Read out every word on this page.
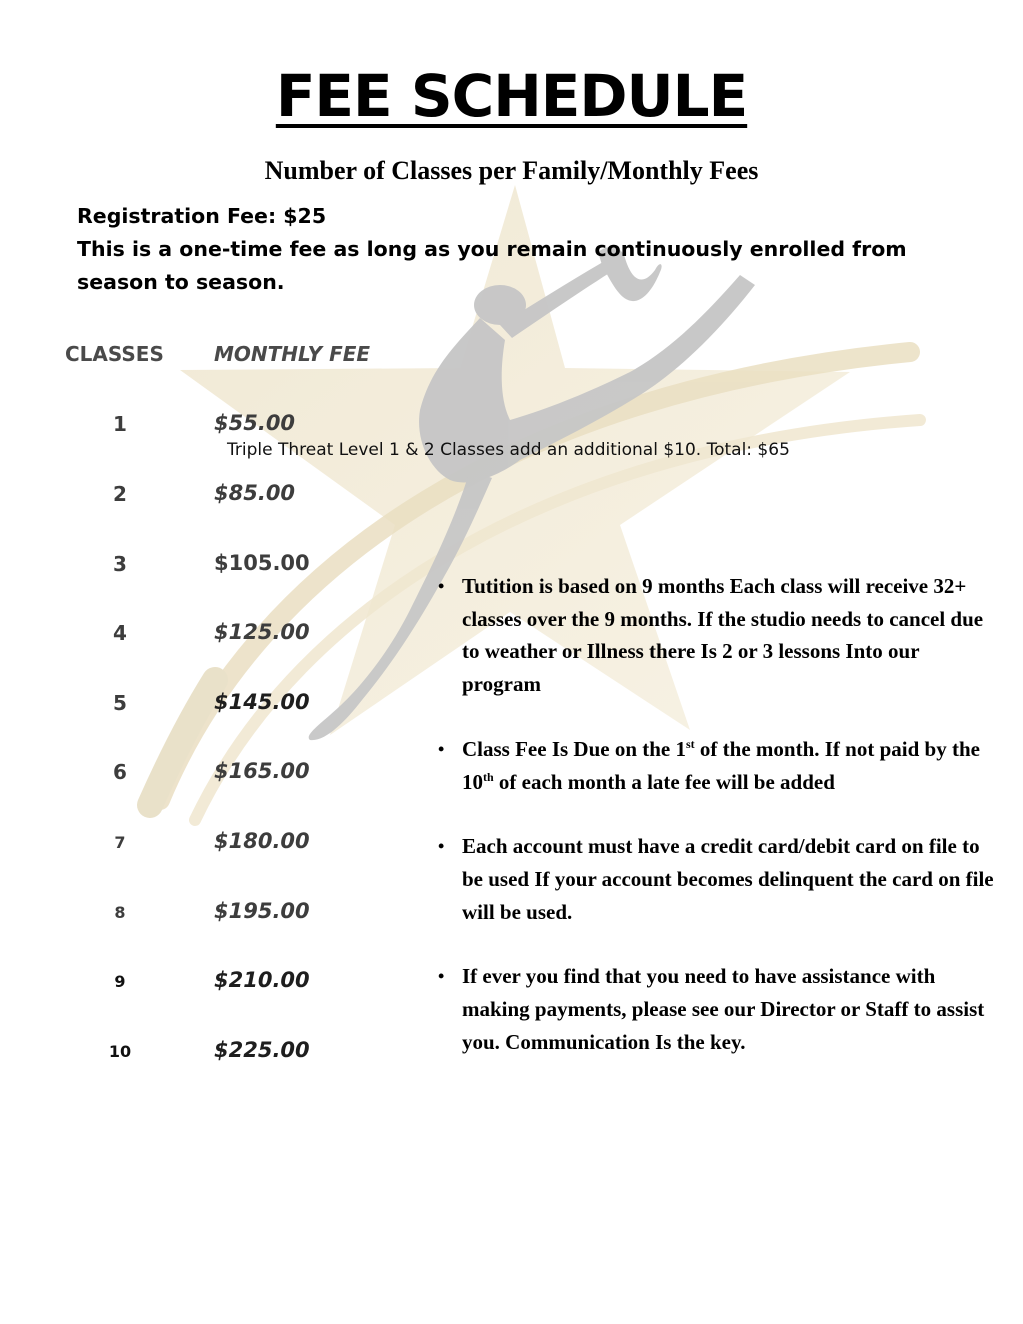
FEE SCHEDULE
Number of Classes per Family/Monthly Fees
Registration Fee: $25
This is a one-time fee as long as you remain continuously enrolled from season to season.
CLASSES	MONTHLY FEE
1	$55.00
Triple Threat Level 1 & 2 Classes add an additional $10. Total: $65
2	$85.00
3	$105.00
4	$125.00
5	$145.00
6	$165.00
7	$180.00
8	$195.00
9	$210.00
10	$225.00
• Tutition is based on 9 months Each class will receive 32+ classes over the 9 months. If the studio needs to cancel due to weather or Illness there Is 2 or 3 lessons Into our program
• Class Fee Is Due on the 1st of the month. If not paid by the 10th of each month a late fee will be added
• Each account must have a credit card/debit card on file to be used If your account becomes delinquent the card on file will be used.
• If ever you find that you need to have assistance with making payments, please see our Director or Staff to assist you. Communication Is the key.
